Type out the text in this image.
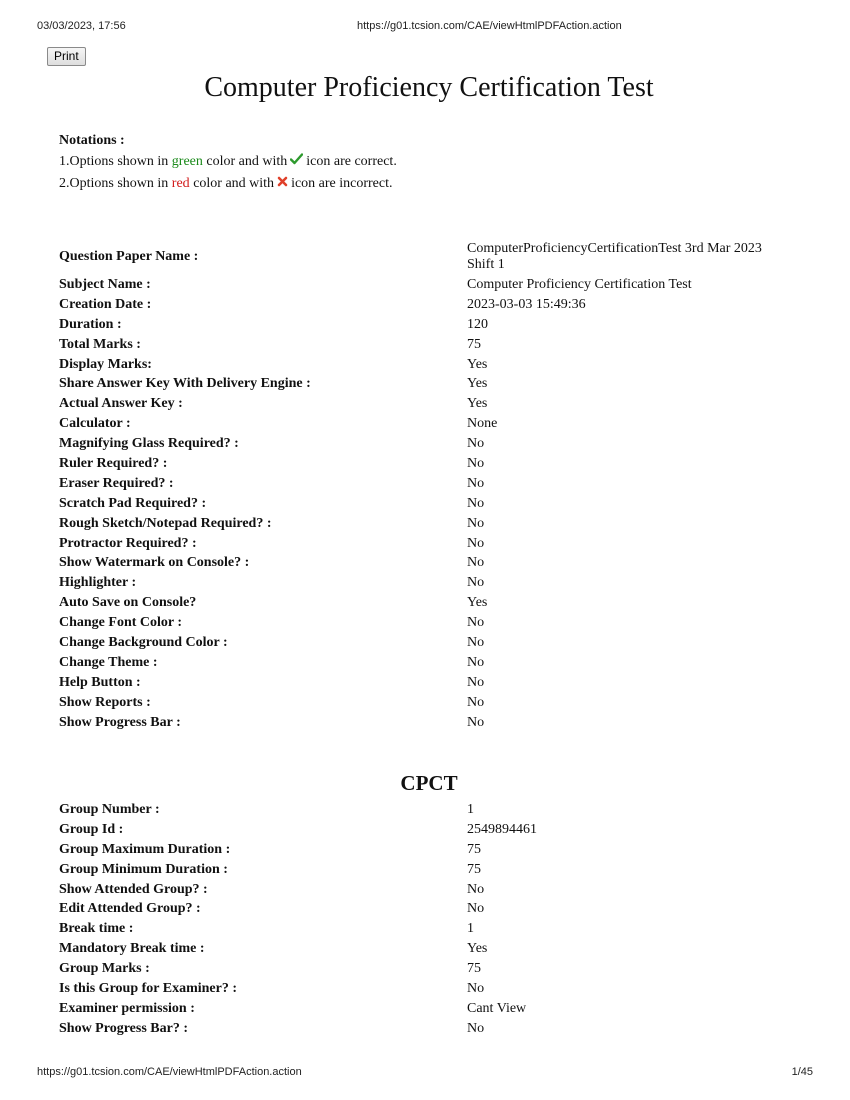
03/03/2023, 17:56	https://g01.tcsion.com/CAE/viewHtmlPDFAction.action
Print
Computer Proficiency Certification Test
Notations :
1.Options shown in green color and with icon are correct.
2.Options shown in red color and with icon are incorrect.
Question Paper Name :
ComputerProficiencyCertificationTest 3rd Mar 2023 Shift 1
Subject Name :	Computer Proficiency Certification Test
Creation Date :	2023-03-03 15:49:36
Duration :	120
Total Marks :	75
Display Marks:	Yes
Share Answer Key With Delivery Engine :	Yes
Actual Answer Key :	Yes
Calculator :	None
Magnifying Glass Required? :	No
Ruler Required? :	No
Eraser Required? :	No
Scratch Pad Required? :	No
Rough Sketch/Notepad Required? :	No
Protractor Required? :	No
Show Watermark on Console? :	No
Highlighter :	No
Auto Save on Console?	Yes
Change Font Color :	No
Change Background Color :	No
Change Theme :	No
Help Button :	No
Show Reports :	No
Show Progress Bar :	No
CPCT
Group Number :	1
Group Id :	2549894461
Group Maximum Duration :	75
Group Minimum Duration :	75
Show Attended Group? :	No
Edit Attended Group? :	No
Break time :	1
Mandatory Break time :	Yes
Group Marks :	75
Is this Group for Examiner? :	No
Examiner permission :	Cant View
Show Progress Bar? :	No
https://g01.tcsion.com/CAE/viewHtmlPDFAction.action	1/45
